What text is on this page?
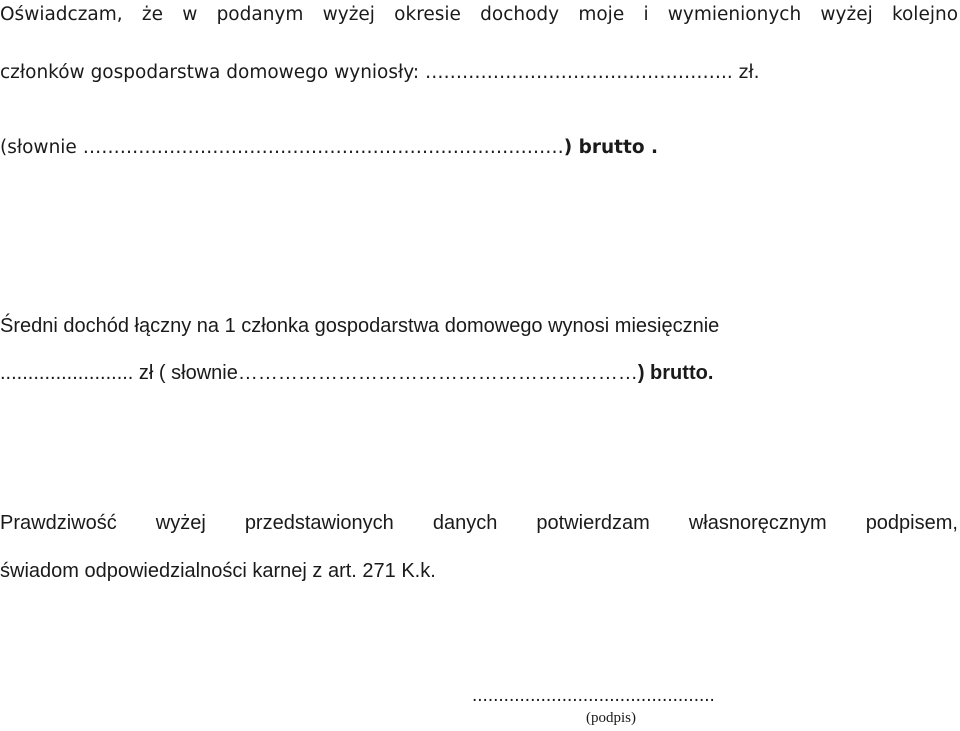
Oświadczam, że w podanym wyżej okresie dochody moje i wymienionych wyżej kolejno
członków gospodarstwa domowego wyniosły: ………………………………………….. zł.
(słownie ……………………………………………………………………) brutto .
Średni dochód łączny na 1 członka gospodarstwa domowego wynosi miesięcznie
........................ zł ( słownie……………………………………………………) brutto.
Prawdziwość wyżej przedstawionych danych potwierdzam własnoręcznym podpisem,
świadom odpowiedzialności karnej z art. 271 K.k.
..............................................
(podpis)
